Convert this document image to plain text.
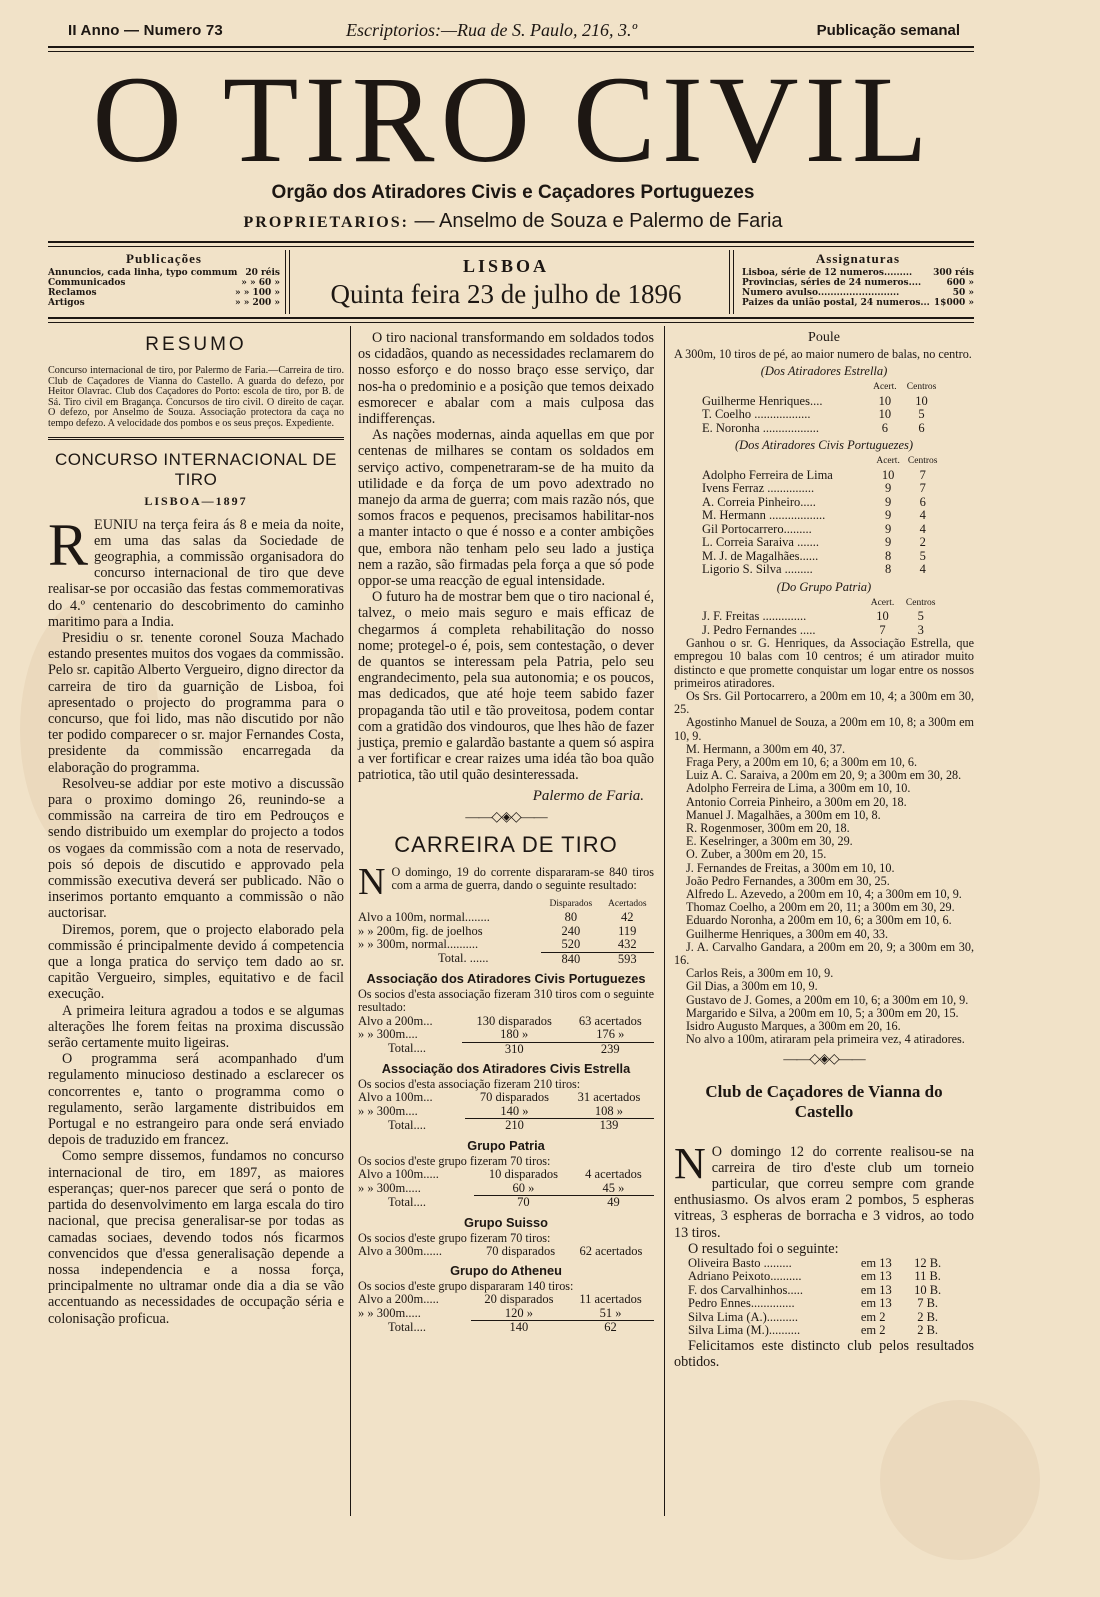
II Anno — Numero 73	Escriptorios:—Rua de S. Paulo, 216, 3.º	Publicação semanal
O TIRO CIVIL
Orgão dos Atiradores Civis e Caçadores Portuguezes
PROPRIETARIOS: — Anselmo de Souza e Palermo de Faria
Publicações
Annuncios, cada linha, typo commum 20 réis
Communicados	» » 60 »
Reclamos	» » 100 »
Artigos	» » 200 »
LISBOA
Quinta feira 23 de julho de 1896
Assignaturas
Lisboa, série de 12 numeros......... 300 réis
Provincias, séries de 24 numeros....	600 »
Numero avulso..........................	50 »
Paizes da união postal, 24 numeros... 1$000 »
RESUMO

Concurso internacional de tiro, por Palermo de Faria.—Carreira de tiro. Club de Caçadores de Vianna do Castello. A guarda do defezo, por Heitor Olavrac. Club dos Caçadores do Porto: escola de tiro, por B. de Sá. Tiro civil em Bragança. Concursos de tiro civil. O direito de caçar. O defezo, por Anselmo de Souza. Associação protectora da caça no tempo defezo. A velocidade dos pombos e os seus preços. Expediente.

CONCURSO INTERNACIONAL DE TIRO
LISBOA—1897

REUNIU na terça feira ás 8 e meia da noite, em uma das salas da Sociedade de geographia, a commissão organisadora do concurso internacional de tiro que deve realisar-se por occasião das festas commemorativas do 4.º centenario do descobrimento do caminho maritimo para a India.

Presidiu o sr. tenente coronel Souza Machado estando presentes muitos dos vogaes da commissão. Pelo sr. capitão Alberto Vergueiro, digno director da carreira de tiro da guarnição de Lisboa, foi apresentado o projecto do programma para o concurso, que foi lido, mas não discutido por não ter podido comparecer o sr. major Fernandes Costa, presidente da commissão encarregada da elaboração do programma.

Resolveu-se addiar por este motivo a discussão para o proximo domingo 26, reunindo-se a commissão na carreira de tiro em Pedrouços e sendo distribuido um exemplar do projecto a todos os vogaes da commissão com a nota de reservado, pois só depois de discutido e approvado pela commissão executiva deverá ser publicado. Não o inserimos portanto emquanto a commissão o não auctorisar.

Diremos, porem, que o projecto elaborado pela commissão é principalmente devido á competencia que a longa pratica do serviço tem dado ao sr. capitão Vergueiro, simples, equitativo e de facil execução.

A primeira leitura agradou a todos e se algumas alterações lhe forem feitas na proxima discussão serão certamente muito ligeiras.

O programma será acompanhado d'um regulamento minucioso destinado a esclarecer os concorrentes e, tanto o programma como o regulamento, serão largamente distribuidos em Portugal e no estrangeiro para onde será enviado depois de traduzido em francez.

Como sempre dissemos, fundamos no concurso internacional de tiro, em 1897, as maiores esperanças; quer-nos parecer que será o ponto de partida do desenvolvimento em larga escala do tiro nacional, que precisa generalisar-se por todas as camadas sociaes, devendo todos nós ficarmos convencidos que d'essa generalisação depende a nossa independencia e a nossa força, principalmente no ultramar onde dia a dia se vão accentuando as necessidades de occupação séria e colonisação proficua.

O tiro nacional transformando em soldados todos os cidadãos, quando as necessidades reclamarem do nosso esforço e do nosso braço esse serviço, dar nos-ha o predominio e a posição que temos deixado esmorecer e abalar com a mais culposa das indifferenças.

As nações modernas, ainda aquellas em que por centenas de milhares se contam os soldados em serviço activo, compenetraram-se de ha muito da utilidade e da força de um povo adextrado no manejo da arma de guerra; com mais razão nós, que somos fracos e pequenos, precisamos habilitar-nos a manter intacto o que é nosso e a conter ambições que, embora não tenham pelo seu lado a justiça nem a razão, são firmadas pela força a que só pode oppor-se uma reacção de egual intensidade.

O futuro ha de mostrar bem que o tiro nacional é, talvez, o meio mais seguro e mais efficaz de chegarmos á completa rehabilitação do nosso nome; protegel-o é, pois, sem contestação, o dever de quantos se interessam pela Patria, pelo seu engrandecimento, pela sua autonomia; e os poucos, mas dedicados, que até hoje teem sabido fazer propaganda tão util e tão proveitosa, podem contar com a gratidão dos vindouros, que lhes hão de fazer justiça, premio e galardão bastante a quem só aspira a ver fortificar e crear raizes uma idéa tão boa quão patriotica, tão util quão desinteressada.

Palermo de Faria.
——◇◈◇——
CARREIRA DE TIRO

N O domingo, 19 do corrente dispararam-se 840 tiros com a arma de guerra, dando o seguinte resultado:

	Disparados	Acertados
Alvo a 100m, normal........	80	42
» » 200m, fig. de joelhos	240	119
» » 300m, normal..........	520	432
Total. ......	840	593
Associação dos Atiradores Civis Portuguezes

Os socios d'esta associação fizeram 310 tiros com o seguinte resultado:

Alvo a 200m...	130 disparados	63 acertados
» » 300m....	180 »	176 »
Total....	310	239
Associação dos Atiradores Civis Estrella

Os socios d'esta associação fizeram 210 tiros:

Alvo a 100m...	70 disparados	31 acertados
» » 300m....	140 »	108 »
Total....	210	139
Grupo Patria

Os socios d'este grupo fizeram 70 tiros:

Alvo a 100m.....	10 disparados	4 acertados
» » 300m.....	60 »	45 »
Total....	70	49
Grupo Suisso

Os socios d'este grupo fizeram 70 tiros:

Alvo a 300m......	70 disparados	62 acertados
Grupo do Atheneu

Os socios d'este grupo dispararam 140 tiros:

Alvo a 200m.....	20 disparados	11 acertados
» » 300m.....	120 »	51 »
Total....	140	62
Poule

A 300m, 10 tiros de pé, ao maior numero de balas, no centro.

(Dos Atiradores Estrella)
	Acert.	Centros
Guilherme Henriques....	10	10
T. Coelho ..................	10	5
E. Noronha ..................	6	6
(Dos Atiradores Civis Portuguezes)
	Acert.	Centros
Adolpho Ferreira de Lima	10	7
Ivens Ferraz ...............	9	7
A. Correia Pinheiro.....	9	6
M. Hermann ..................	9	4
Gil Portocarrero.........	9	4
L. Correia Saraiva .......	9	2
M. J. de Magalhães......	8	5
Ligorio S. Silva .........	8	4
(Do Grupo Patria)
	Acert.	Centros
J. F. Freitas ..............	10	5
J. Pedro Fernandes .....	7	3

Ganhou o sr. G. Henriques, da Associação Estrella, que empregou 10 balas com 10 centros; é um atirador muito distincto e que promette conquistar um logar entre os nossos primeiros atiradores.

Os Srs. Gil Portocarrero, a 200m em 10, 4; a 300m em 30, 25.

Agostinho Manuel de Souza, a 200m em 10, 8; a 300m em 10, 9.

M. Hermann, a 300m em 40, 37.

Fraga Pery, a 200m em 10, 6; a 300m em 10, 6.

Luiz A. C. Saraiva, a 200m em 20, 9; a 300m em 30, 28.

Adolpho Ferreira de Lima, a 300m em 10, 10.

Antonio Correia Pinheiro, a 300m em 20, 18.

Manuel J. Magalhães, a 300m em 10, 8.

R. Rogenmoser, 300m em 20, 18.

E. Keselringer, a 300m em 30, 29.

O. Zuber, a 300m em 20, 15.

J. Fernandes de Freitas, a 300m em 10, 10.

João Pedro Fernandes, a 300m em 30, 25.

Alfredo L. Azevedo, a 200m em 10, 4; a 300m em 10, 9.

Thomaz Coelho, a 200m em 20, 11; a 300m em 30, 29.

Eduardo Noronha, a 200m em 10, 6; a 300m em 10, 6.

Guilherme Henriques, a 300m em 40, 33.

J. A. Carvalho Gandara, a 200m em 20, 9; a 300m em 30, 16.

Carlos Reis, a 300m em 10, 9.

Gil Dias, a 300m em 10, 9.

Gustavo de J. Gomes, a 200m em 10, 6; a 300m em 10, 9.

Margarido e Silva, a 200m em 10, 5; a 300m em 20, 15.

Isidro Augusto Marques, a 300m em 20, 16.

No alvo a 100m, atiraram pela primeira vez, 4 atiradores.

——◇◈◇——
Club de Caçadores de Vianna do Castello

N O domingo 12 do corrente realisou-se na carreira de tiro d'este club um torneio particular, que correu sempre com grande enthusiasmo. Os alvos eram 2 pombos, 5 espheras vitreas, 3 espheras de borracha e 3 vidros, ao todo 13 tiros.

O resultado foi o seguinte:

Oliveira Basto .........	em 13	12 B.
Adriano Peixoto..........	em 13	11 B.
F. dos Carvalhinhos.....	em 13	10 B.
Pedro Ennes..............	em 13	7 B.
Silva Lima (A.)..........	em 2	2 B.
Silva Lima (M.)..........	em 2	2 B.

Felicitamos este distincto club pelos resultados obtidos.
